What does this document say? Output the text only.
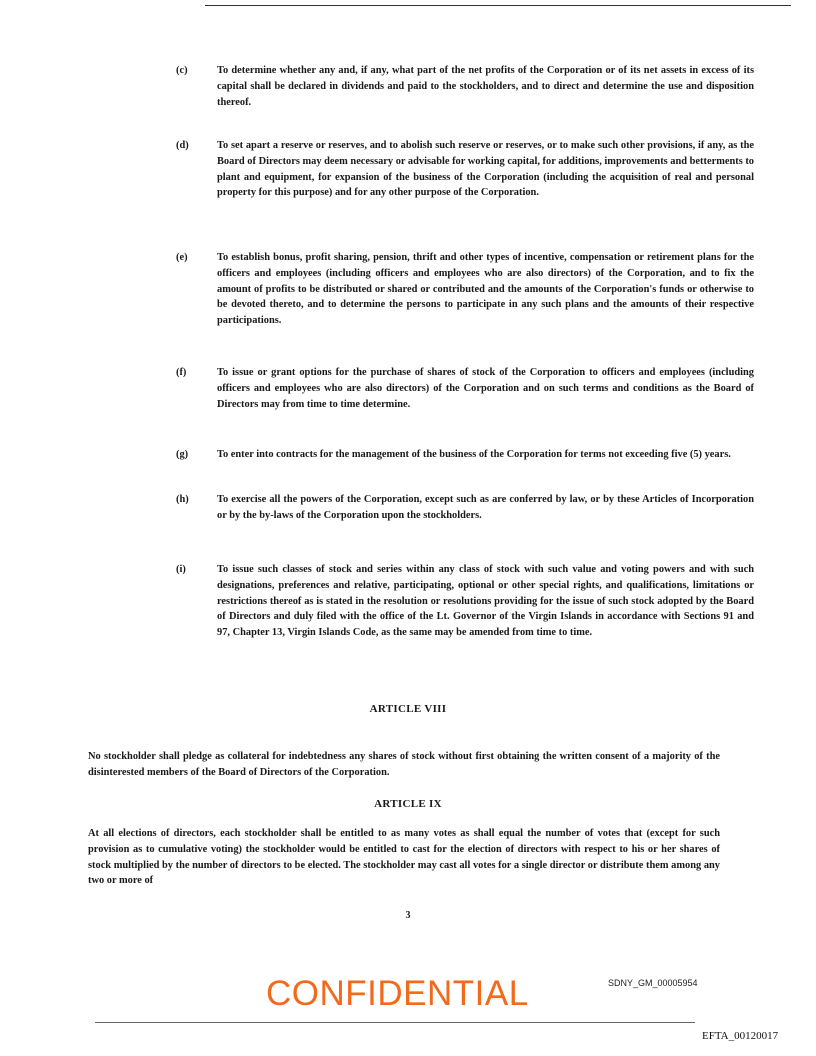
(c)	To determine whether any and, if any, what part of the net profits of the Corporation or of its net assets in excess of its capital shall be declared in dividends and paid to the stockholders, and to direct and determine the use and disposition thereof.
(d)	To set apart a reserve or reserves, and to abolish such reserve or reserves, or to make such other provisions, if any, as the Board of Directors may deem necessary or advisable for working capital, for additions, improvements and betterments to plant and equipment, for expansion of the business of the Corporation (including the acquisition of real and personal property for this purpose) and for any other purpose of the Corporation.
(e)	To establish bonus, profit sharing, pension, thrift and other types of incentive, compensation or retirement plans for the officers and employees (including officers and employees who are also directors) of the Corporation, and to fix the amount of profits to be distributed or shared or contributed and the amounts of the Corporation's funds or otherwise to be devoted thereto, and to determine the persons to participate in any such plans and the amounts of their respective participations.
(f)	To issue or grant options for the purchase of shares of stock of the Corporation to officers and employees (including officers and employees who are also directors) of the Corporation and on such terms and conditions as the Board of Directors may from time to time determine.
(g)	To enter into contracts for the management of the business of the Corporation for terms not exceeding five (5) years.
(h)	To exercise all the powers of the Corporation, except such as are conferred by law, or by these Articles of Incorporation or by the by-laws of the Corporation upon the stockholders.
(i)	To issue such classes of stock and series within any class of stock with such value and voting powers and with such designations, preferences and relative, participating, optional or other special rights, and qualifications, limitations or restrictions thereof as is stated in the resolution or resolutions providing for the issue of such stock adopted by the Board of Directors and duly filed with the office of the Lt. Governor of the Virgin Islands in accordance with Sections 91 and 97, Chapter 13, Virgin Islands Code, as the same may be amended from time to time.
ARTICLE VIII
No stockholder shall pledge as collateral for indebtedness any shares of stock without first obtaining the written consent of a majority of the disinterested members of the Board of Directors of the Corporation.
ARTICLE IX
At all elections of directors, each stockholder shall be entitled to as many votes as shall equal the number of votes that (except for such provision as to cumulative voting) the stockholder would be entitled to cast for the election of directors with respect to his or her shares of stock multiplied by the number of directors to be elected. The stockholder may cast all votes for a single director or distribute them among any two or more of
3
CONFIDENTIAL	SDNY_GM_00005954
EFTA_00120017
